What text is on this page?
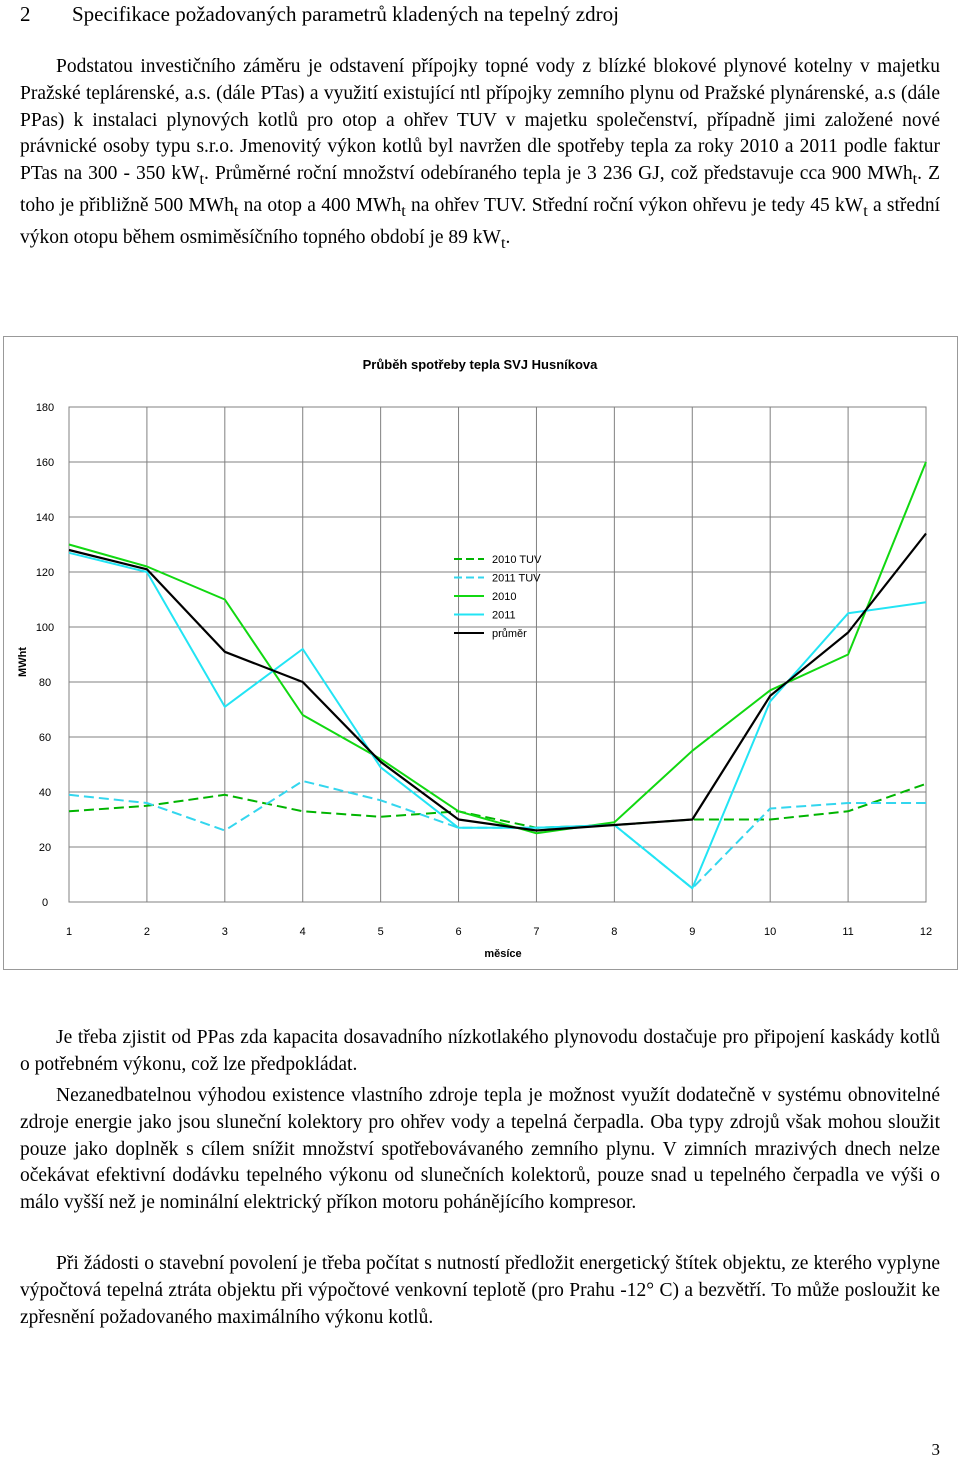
2 Specifikace požadovaných parametrů kladených na tepelný zdroj

Podstatou investičního záměru je odstavení přípojky topné vody z blízké blokové plynové kotelny v majetku Pražské teplárenské, a.s. (dále PTas) a využití existující ntl přípojky zemního plynu od Pražské plynárenské, a.s (dále PPas) k instalaci plynových kotlů pro otop a ohřev TUV v majetku společenství, případně jimi založené nové právnické osoby typu s.r.o. Jmenovitý výkon kotlů byl navržen dle spotřeby tepla za roky 2010 a 2011 podle faktur PTas na 300 - 350 $kW_t$. Průměrné roční množství odebíraného tepla je 3 236 GJ, což představuje cca 900 MWh$_t$. Z toho je přibližně 500 MWh$_t$ na otop a 400 MWh$_t$ na ohřev TUV. Střední roční výkon ohřevu je tedy 45 $kW_t$ a střední výkon otopu během osmiměsíčního topného období je 89 $kW_t$.

Průběh spotřeby tepla SVJ Husníkova
měsíce
MWht
0
20
40
60
80
100
120
140
160
180
1	2	3	4	5	6	7	8	9	10	11	12
2010 TUV
2011 TUV
2010
2011
průměr

Je třeba zjistit od PPas zda kapacita dosavadního nízkotlakého plynovodu dostačuje pro připojení kaskády kotlů o potřebném výkonu, což lze předpokládat.

Nezanedbatelnou výhodou existence vlastního zdroje tepla je možnost využít dodatečně v systému obnovitelné zdroje energie jako jsou sluneční kolektory pro ohřev vody a tepelná čerpadla. Oba typy zdrojů však mohou sloužit pouze jako doplněk s cílem snížit množství spotřebovávaného zemního plynu. V zimních mrazivých dnech nelze očekávat efektivní dodávku tepelného výkonu od slunečních kolektorů, pouze snad u tepelného čerpadla ve výši o málo vyšší než je nominální elektrický příkon motoru pohánějícího kompresor.

Při žádosti o stavební povolení je třeba počítat s nutností předložit energetický štítek objektu, ze kterého vyplyne výpočtová tepelná ztráta objektu při výpočtové venkovní teplotě (pro Prahu -12° C) a bezvětří. To může posloužit ke zpřesnění požadovaného maximálního výkonu kotlů.

3
